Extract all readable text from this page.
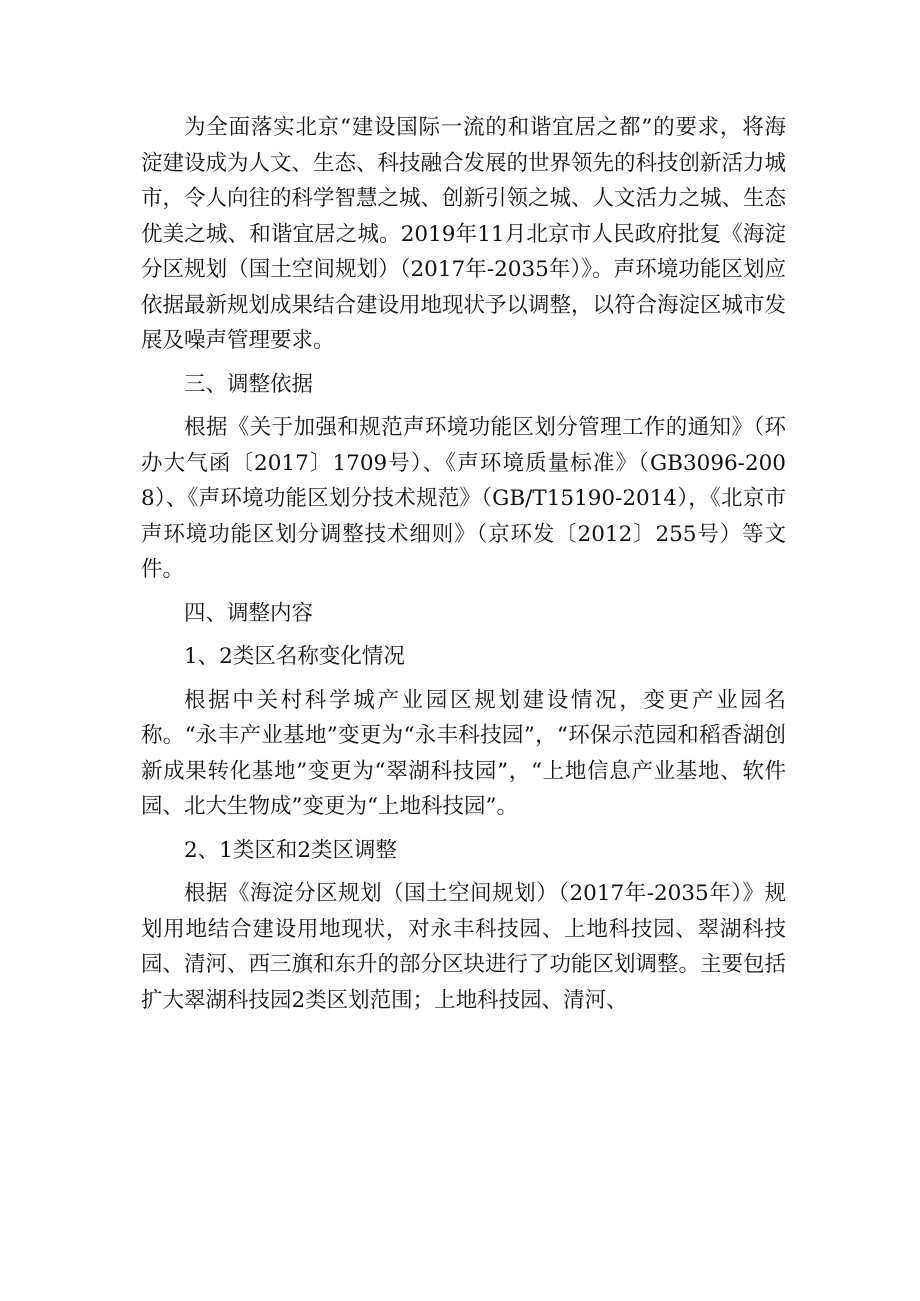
为全面落实北京“建设国际一流的和谐宜居之都”的要求，将海淀建设成为人文、生态、科技融合发展的世界领先的科技创新活力城市，令人向往的科学智慧之城、创新引领之城、人文活力之城、生态优美之城、和谐宜居之城。2019年11月北京市人民政府批复《海淀分区规划（国土空间规划）（2017年-2035年）》。声环境功能区划应依据最新规划成果结合建设用地现状予以调整，以符合海淀区城市发展及噪声管理要求。

三、调整依据

根据《关于加强和规范声环境功能区划分管理工作的通知》（环办大气函〔2017〕1709号）、《声环境质量标准》（GB3096-2008）、《声环境功能区划分技术规范》（GB/T15190-2014），《北京市声环境功能区划分调整技术细则》（京环发〔2012〕255号）等文件。

四、调整内容

1、2类区名称变化情况

根据中关村科学城产业园区规划建设情况，变更产业园名称。“永丰产业基地”变更为“永丰科技园”，“环保示范园和稻香湖创新成果转化基地”变更为“翠湖科技园”，“上地信息产业基地、软件园、北大生物成”变更为“上地科技园”。

2、1类区和2类区调整

根据《海淀分区规划（国土空间规划）（2017年-2035年）》规划用地结合建设用地现状，对永丰科技园、上地科技园、翠湖科技园、清河、西三旗和东升的部分区块进行了功能区划调整。主要包括扩大翠湖科技园2类区划范围；上地科技园、清河、
